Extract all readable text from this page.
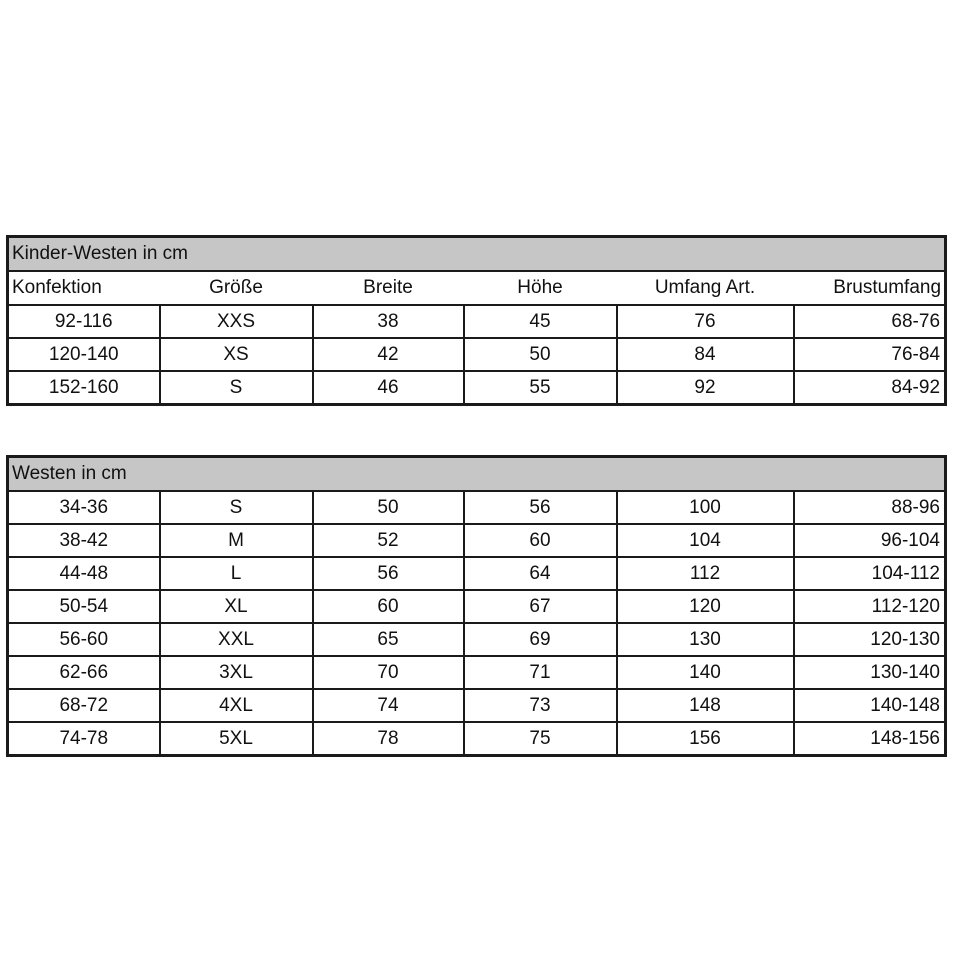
Kinder-Westen in cm					
Konfektion	Größe	Breite	Höhe	Umfang Art.	Brustumfang
92-116	XXS	38	45	76	68-76
120-140	XS	42	50	84	76-84
152-160	S	46	55	92	84-92
Westen in cm					
34-36	S	50	56	100	88-96
38-42	M	52	60	104	96-104
44-48	L	56	64	112	104-112
50-54	XL	60	67	120	112-120
56-60	XXL	65	69	130	120-130
62-66	3XL	70	71	140	130-140
68-72	4XL	74	73	148	140-148
74-78	5XL	78	75	156	148-156
